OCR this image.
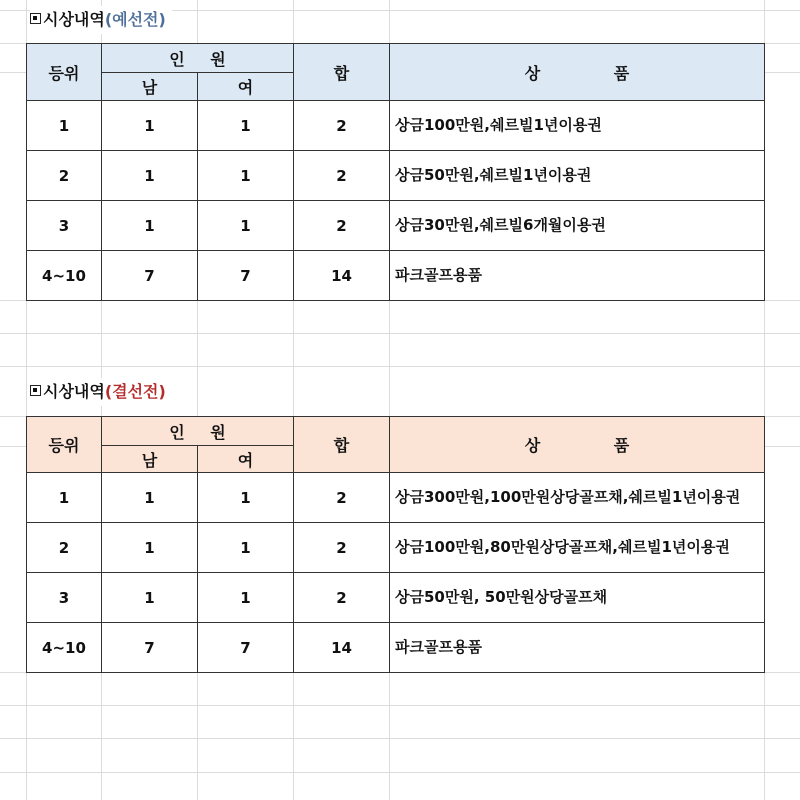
시상내역(예선전)
등위	인 원		합	상 품
	남	여		
1	1	1	2	상금100만원,쉐르빌1년이용권
2	1	1	2	상금50만원,쉐르빌1년이용권
3	1	1	2	상금30만원,쉐르빌6개월이용권
4~10	7	7	14	파크골프용품
시상내역(결선전)
등위	인 원		합	상 품
	남	여		
1	1	1	2	상금300만원,100만원상당골프채,쉐르빌1년이용권
2	1	1	2	상금100만원,80만원상당골프채,쉐르빌1년이용권
3	1	1	2	상금50만원, 50만원상당골프채
4~10	7	7	14	파크골프용품
